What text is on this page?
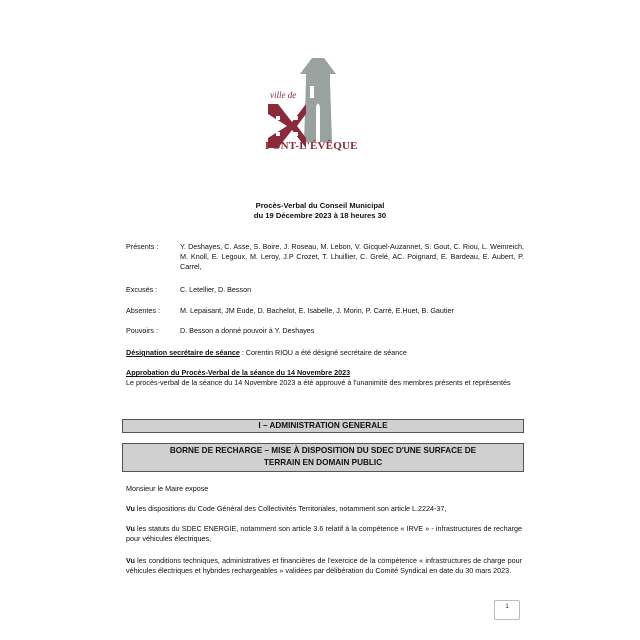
ville de
PONT-L'ÉVÊQUE
Procès-Verbal du Conseil Municipal
du 19 Décembre 2023 à 18 heures 30
Présents :	Y. Deshayes, C. Asse, S. Boire, J. Roseau, M. Lebon, V. Gicquel-Auzannet, S. Gout, C. Riou, L. Weinreich, M. Knoll, E. Legoux, M. Leroy, J.P Crozet, T. Lhuillier, C. Grelé, AC. Poignard, E. Bardeau, E. Aubert, P. Carrel,
Excusés :	C. Letellier, D. Besson
Absentes :	M. Lepaisant, JM Eude, D. Bachelot, E. Isabelle, J. Morin, P. Carré, E.Huet, B. Gautier
Pouvoirs :	D. Besson a donné pouvoir à Y. Deshayes
Désignation secrétaire de séance : Corentin RIOU a été désigné secrétaire de séance
Approbation du Procès-Verbal de la séance du 14 Novembre 2023
Le procès-verbal de la séance du 14 Novembre 2023 a été approuvé à l'unanimité des membres présents et représentés
I – ADMINISTRATION GENERALE
BORNE DE RECHARGE – MISE À DISPOSITION DU SDEC D'UNE SURFACE DE
TERRAIN EN DOMAIN PUBLIC
Monsieur le Maire expose
Vu les dispositions du Code Général des Collectivités Territoriales, notamment son article L.2224-37,
Vu les statuts du SDEC ENERGIE, notamment son article 3.6 relatif à la compétence « IRVE » - infrastructures de recharge pour véhicules électriques,
Vu les conditions techniques, administratives et financières de l'exercice de la compétence « infrastructures de charge pour véhicules électriques et hybrides rechargeables » validées par délibération du Comité Syndical en date du 30 mars 2023.
1
